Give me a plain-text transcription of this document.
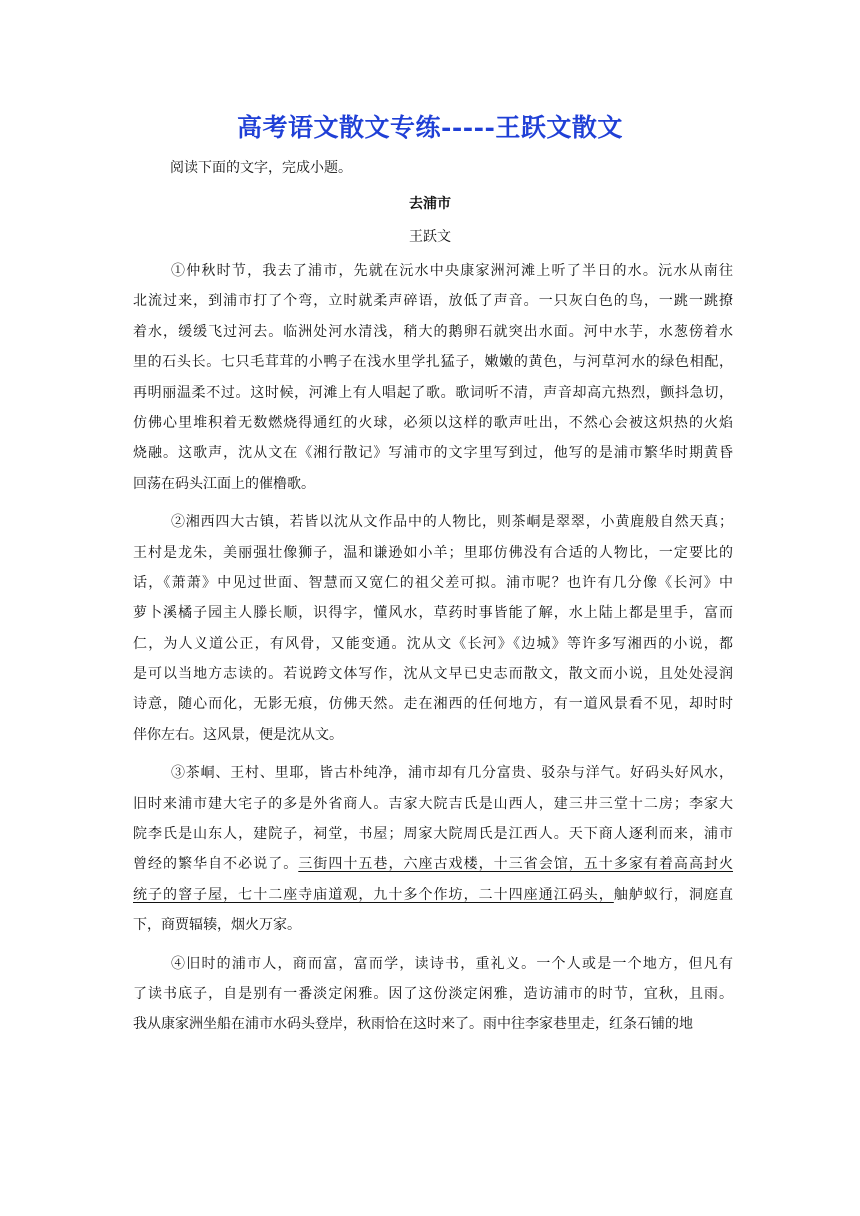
高考语文散文专练-----王跃文散文
阅读下面的文字，完成小题。
去浦市
王跃文
①仲秋时节，我去了浦市，先就在沅水中央康家洲河滩上听了半日的水。沅水从南往
北流过来，到浦市打了个弯，立时就柔声碎语，放低了声音。一只灰白色的鸟，一跳一跳撩
着水，缓缓飞过河去。临洲处河水清浅，稍大的鹅卵石就突出水面。河中水芋，水葱傍着水
里的石头长。七只毛茸茸的小鸭子在浅水里学扎猛子，嫩嫩的黄色，与河草河水的绿色相配，
再明丽温柔不过。这时候，河滩上有人唱起了歌。歌词听不清，声音却高亢热烈，颤抖急切，
仿佛心里堆积着无数燃烧得通红的火球，必须以这样的歌声吐出，不然心会被这炽热的火焰
烧融。这歌声，沈从文在《湘行散记》写浦市的文字里写到过，他写的是浦市繁华时期黄昏
回荡在码头江面上的催橹歌。
②湘西四大古镇，若皆以沈从文作品中的人物比，则茶峒是翠翠，小黄鹿般自然天真；
王村是龙朱，美丽强壮像狮子，温和谦逊如小羊；里耶仿佛没有合适的人物比，一定要比的
话，《萧萧》中见过世面、智慧而又宽仁的祖父差可拟。浦市呢？也许有几分像《长河》中
萝卜溪橘子园主人滕长顺，识得字，懂风水，草药时事皆能了解，水上陆上都是里手，富而
仁，为人义道公正，有风骨，又能变通。沈从文《长河》《边城》等许多写湘西的小说，都
是可以当地方志读的。若说跨文体写作，沈从文早已史志而散文，散文而小说，且处处浸润
诗意，随心而化，无影无痕，仿佛天然。走在湘西的任何地方，有一道风景看不见，却时时
伴你左右。这风景，便是沈从文。
③茶峒、王村、里耶，皆古朴纯净，浦市却有几分富贵、驳杂与洋气。好码头好风水，
旧时来浦市建大宅子的多是外省商人。吉家大院吉氏是山西人，建三井三堂十二房；李家大
院李氏是山东人，建院子，祠堂，书屋；周家大院周氏是江西人。天下商人逐利而来，浦市
曾经的繁华自不必说了。三街四十五巷，六座古戏楼，十三省会馆，五十多家有着高高封火
统子的窨子屋，七十二座寺庙道观，九十多个作坊，二十四座通江码头，舳舻蚁行，洞庭直
下，商贾辐辏，烟火万家。
④旧时的浦市人，商而富，富而学，读诗书，重礼义。一个人或是一个地方，但凡有
了读书底子，自是别有一番淡定闲雅。因了这份淡定闲雅，造访浦市的时节，宜秋，且雨。
我从康家洲坐船在浦市水码头登岸，秋雨恰在这时来了。雨中往李家巷里走，红条石铺的地
